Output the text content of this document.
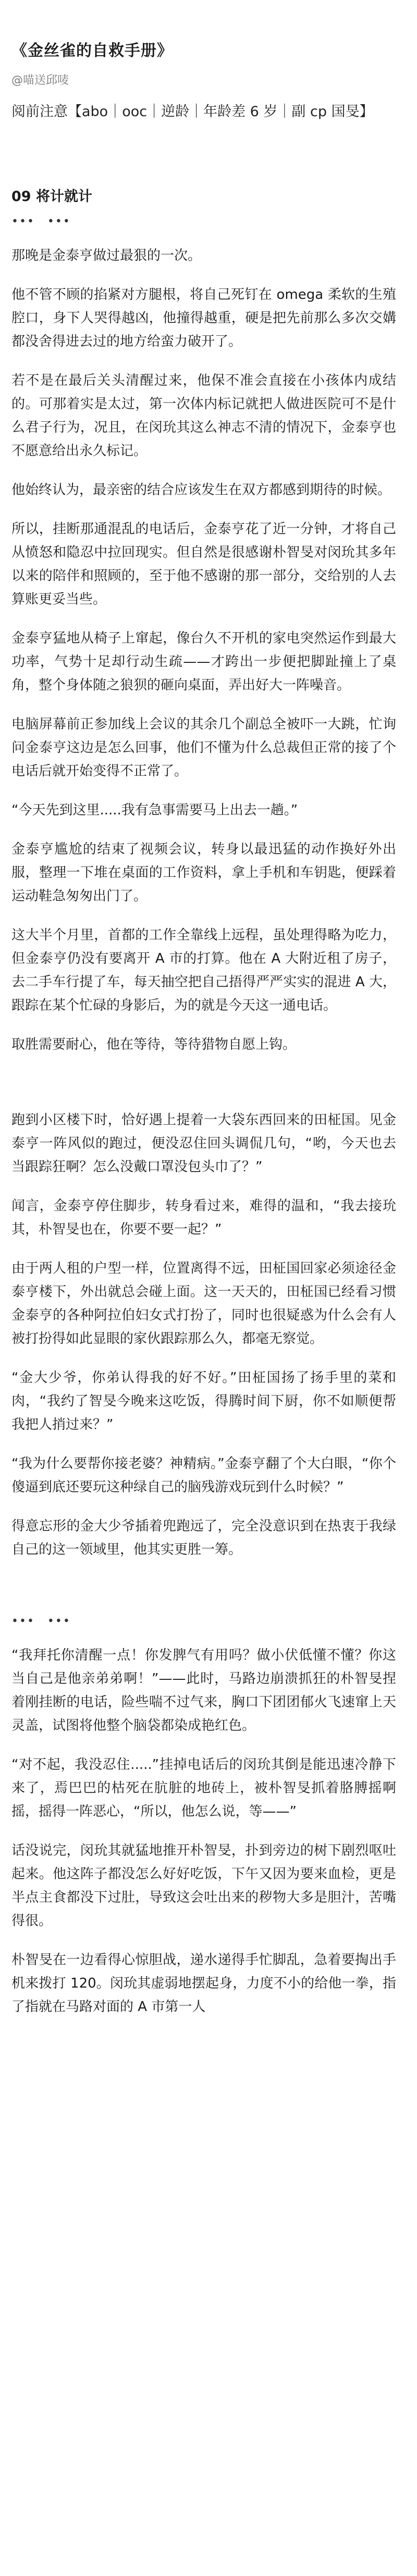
《金丝雀的自救手册》
@喵送邱唛

阅前注意【abo｜ooc｜逆龄｜年龄差 6 岁｜副 cp 国旻】

09 将计就计
•••　•••

那晚是金泰亨做过最狠的一次。

他不管不顾的掐紧对方腿根，将自己死钉在 omega 柔软的生殖腔口，身下人哭得越凶，他撞得越重，硬是把先前那么多次交媾都没舍得进去过的地方给蛮力破开了。

若不是在最后关头清醒过来，他保不准会直接在小孩体内成结的。可那着实是太过，第一次体内标记就把人做进医院可不是什么君子行为，况且，在闵玧其这么神志不清的情况下，金泰亨也不愿意给出永久标记。

他始终认为，最亲密的结合应该发生在双方都感到期待的时候。

所以，挂断那通混乱的电话后，金泰亨花了近一分钟，才将自己从愤怒和隐忍中拉回现实。但自然是很感谢朴智旻对闵玧其多年以来的陪伴和照顾的，至于他不感谢的那一部分，交给别的人去算账更妥当些。

金泰亨猛地从椅子上窜起，像台久不开机的家电突然运作到最大功率，气势十足却行动生疏——才跨出一步便把脚趾撞上了桌角，整个身体随之狼狈的砸向桌面，弄出好大一阵噪音。

电脑屏幕前正参加线上会议的其余几个副总全被吓一大跳，忙询问金泰亨这边是怎么回事，他们不懂为什么总裁但正常的接了个电话后就开始变得不正常了。

“今天先到这里.....我有急事需要马上出去一趟。”

金泰亨尴尬的结束了视频会议，转身以最迅猛的动作换好外出服，整理一下堆在桌面的工作资料，拿上手机和车钥匙，便踩着运动鞋急匆匆出门了。

这大半个月里，首都的工作全靠线上远程，虽处理得略为吃力，但金泰亨仍没有要离开 A 市的打算。他在 A 大附近租了房子，去二手车行提了车，每天抽空把自己捂得严严实实的混进 A 大，跟踪在某个忙碌的身影后，为的就是今天这一通电话。

取胜需要耐心，他在等待，等待猎物自愿上钩。

跑到小区楼下时，恰好遇上提着一大袋东西回来的田柾国。见金泰亨一阵风似的跑过，便没忍住回头调侃几句，“哟，今天也去当跟踪狂啊？怎么没戴口罩没包头巾了？”

闻言，金泰亨停住脚步，转身看过来，难得的温和，“我去接玧其，朴智旻也在，你要不要一起？”

由于两人租的户型一样，位置离得不远，田柾国回家必须途径金泰亨楼下，外出就总会碰上面。这一天天的，田柾国已经看习惯金泰亨的各种阿拉伯妇女式打扮了，同时也很疑惑为什么会有人被打扮得如此显眼的家伙跟踪那么久，都毫无察觉。

“金大少爷，你弟认得我的好不好。”田柾国扬了扬手里的菜和肉，“我约了智旻今晚来这吃饭，得腾时间下厨，你不如顺便帮我把人捎过来？”

“我为什么要帮你接老婆？神精病。”金泰亨翻了个大白眼，“你个傻逼到底还要玩这种绿自己的脑残游戏玩到什么时候？”

得意忘形的金大少爷插着兜跑远了，完全没意识到在热衷于我绿自己的这一领域里，他其实更胜一筹。

•••　•••

“我拜托你清醒一点！你发脾气有用吗？做小伏低懂不懂？你这当自己是他亲弟弟啊！”——此时，马路边崩溃抓狂的朴智旻捏着刚挂断的电话，险些喘不过气来，胸口下团团郁火飞速窜上天灵盖，试图将他整个脑袋都染成艳红色。

“对不起，我没忍住.....”挂掉电话后的闵玧其倒是能迅速冷静下来了，焉巴巴的枯死在肮脏的地砖上，被朴智旻抓着胳膊摇啊摇，摇得一阵恶心，“所以，他怎么说，等——”

话没说完，闵玧其就猛地推开朴智旻，扑到旁边的树下剧烈呕吐起来。他这阵子都没怎么好好吃饭，下午又因为要来血检，更是半点主食都没下过肚，导致这会吐出来的秽物大多是胆汁，苦嘴得很。

朴智旻在一边看得心惊胆战，递水递得手忙脚乱，急着要掏出手机来拨打 120。闵玧其虚弱地摆起身，力度不小的给他一拳，指了指就在马路对面的 A 市第一人
